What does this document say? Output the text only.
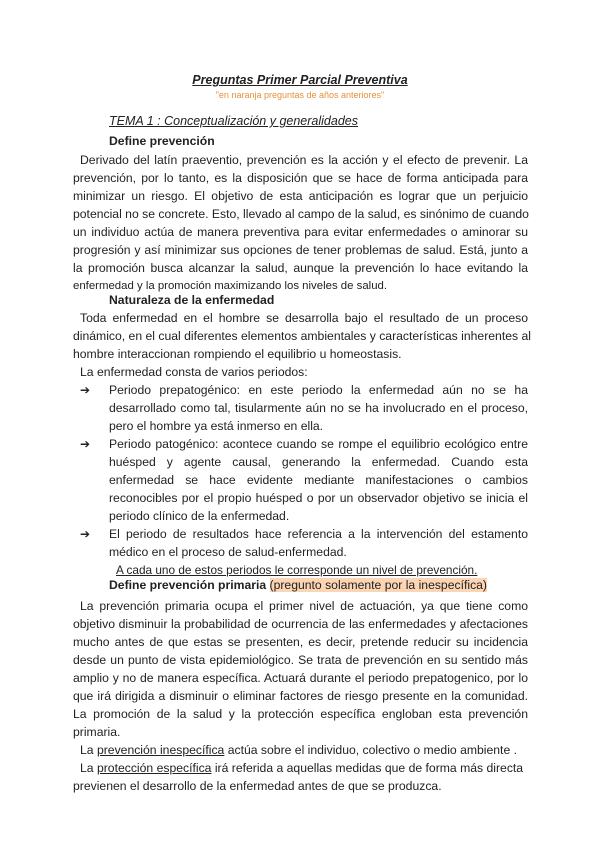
Preguntas Primer Parcial Preventiva
"en naranja preguntas de años anteriores"
TEMA 1 : Conceptualización y generalidades
Define prevención
Derivado del latín praeventio, prevención es la acción y el efecto de prevenir. La
prevención, por lo tanto, es la disposición que se hace de forma anticipada para
minimizar un riesgo. El objetivo de esta anticipación es lograr que un perjuicio
potencial no se concrete. Esto, llevado al campo de la salud, es sinónimo de cuando
un individuo actúa de manera preventiva para evitar enfermedades o aminorar su
progresión y así minimizar sus opciones de tener problemas de salud. Está, junto a
la promoción busca alcanzar la salud, aunque la prevención lo hace evitando la
enfermedad y la promoción maximizando los niveles de salud.
Naturaleza de la enfermedad
Toda enfermedad en el hombre se desarrolla bajo el resultado de un proceso
dinámico, en el cual diferentes elementos ambientales y características inherentes al
hombre interaccionan rompiendo el equilibrio u homeostasis.
La enfermedad consta de varios periodos:
➔ Periodo prepatogénico: en este periodo la enfermedad aún no se ha
desarrollado como tal, tisularmente aún no se ha involucrado en el proceso,
pero el hombre ya está inmerso en ella.
➔ Periodo patogénico: acontece cuando se rompe el equilibrio ecológico entre
huésped y agente causal, generando la enfermedad. Cuando esta
enfermedad se hace evidente mediante manifestaciones o cambios
reconocibles por el propio huésped o por un observador objetivo se inicia el
periodo clínico de la enfermedad.
➔ El periodo de resultados hace referencia a la intervención del estamento
médico en el proceso de salud-enfermedad.
A cada uno de estos periodos le corresponde un nivel de prevención.
Define prevención primaria (pregunto solamente por la inespecífica)
La prevención primaria ocupa el primer nivel de actuación, ya que tiene como
objetivo disminuir la probabilidad de ocurrencia de las enfermedades y afectaciones
mucho antes de que estas se presenten, es decir, pretende reducir su incidencia
desde un punto de vista epidemiológico. Se trata de prevención en su sentido más
amplio y no de manera específica. Actuará durante el periodo prepatogenico, por lo
que irá dirigida a disminuir o eliminar factores de riesgo presente en la comunidad.
La promoción de la salud y la protección específica engloban esta prevención
primaria.
La prevención inespecífica actúa sobre el individuo, colectivo o medio ambiente .
La protección específica irá referida a aquellas medidas que de forma más directa
previenen el desarrollo de la enfermedad antes de que se produzca.
